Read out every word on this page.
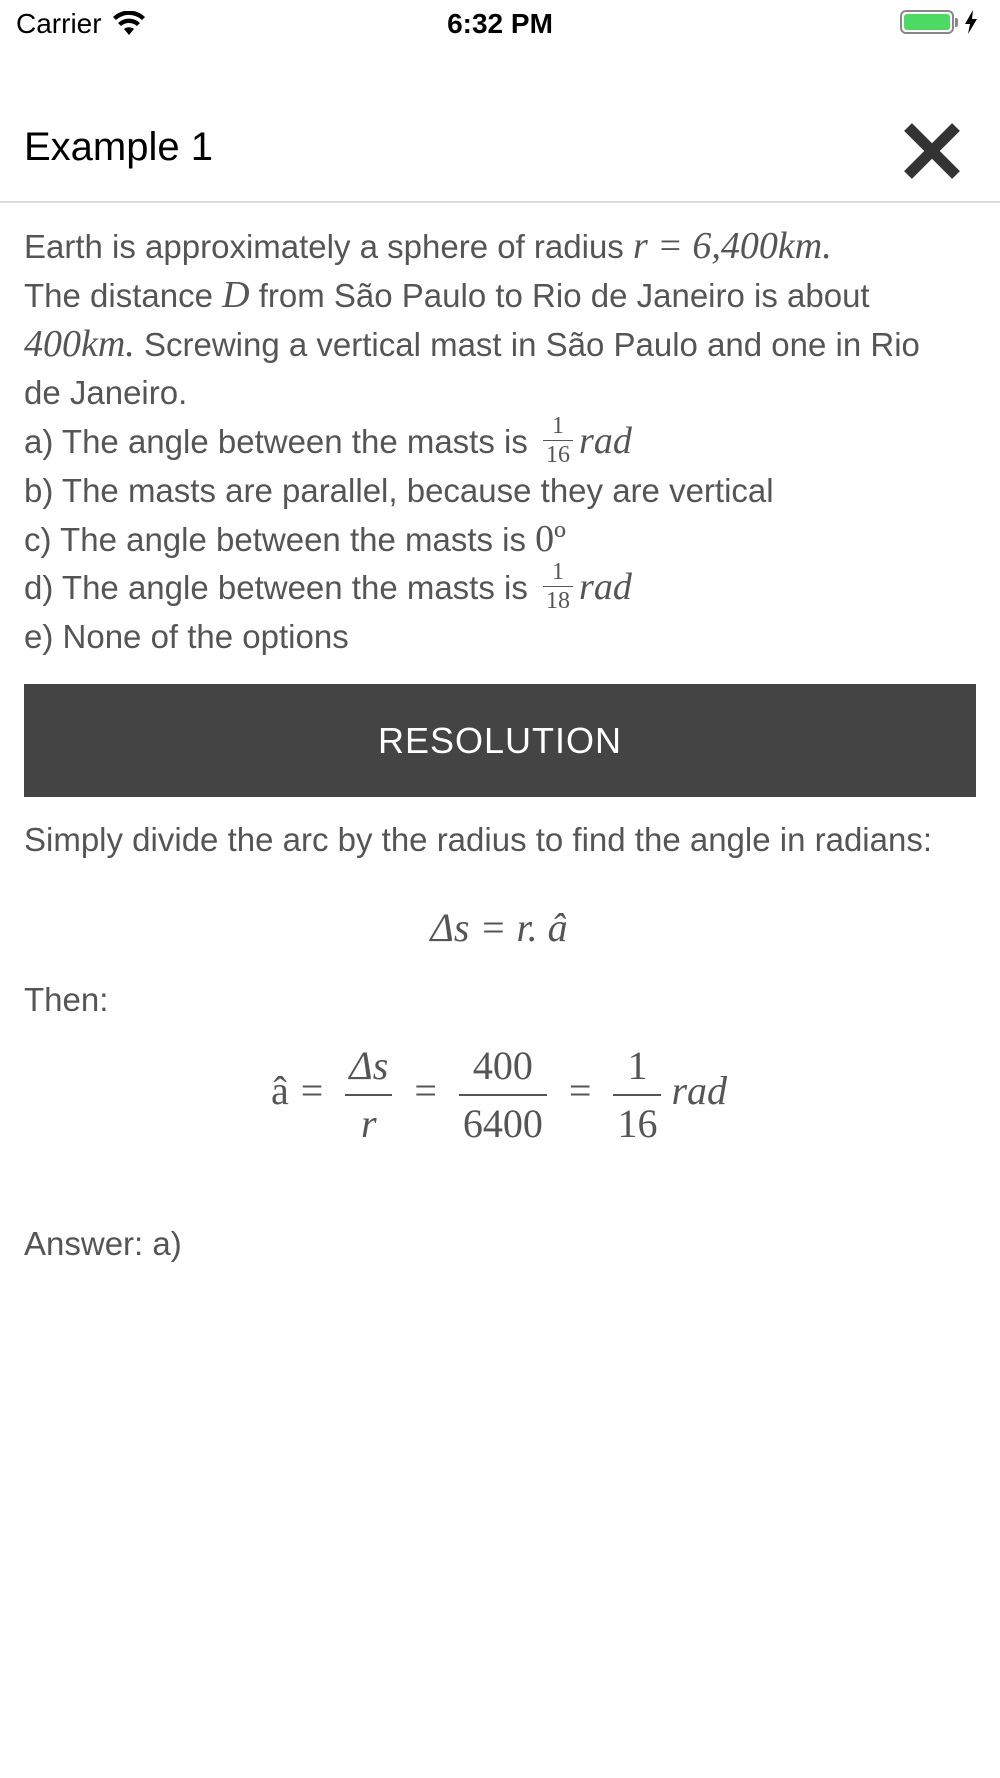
Carrier	6:32 PM
Example 1

Earth is approximately a sphere of radius r = 6,400km.

The distance D from São Paulo to Rio de Janeiro is about

400km. Screwing a vertical mast in São Paulo and one in Rio

de Janeiro.

a) The angle between the masts is $\frac{1}{16}$ rad
b) The masts are parallel, because they are vertical
c) The angle between the masts is 0º
d) The angle between the masts is $\frac{1}{18}$ rad
e) None of the options
RESOLUTION

Simply divide the arc by the radius to find the angle in radians:

Δs = r. â

Then:

â = $\frac{\Delta s}{r} = \frac{400}{6400} = \frac{1}{16}$ rad

Answer: a)
